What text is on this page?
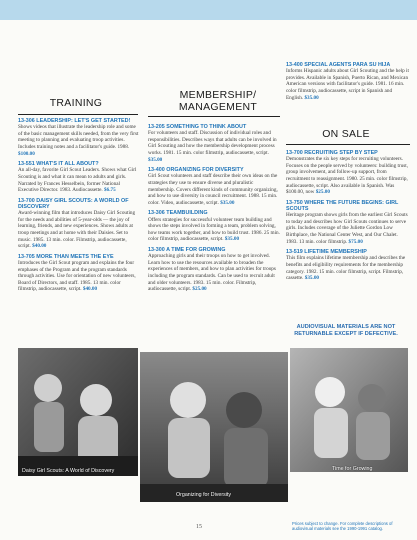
TRAINING
MEMBERSHIP/
MANAGEMENT
ON SALE
13-306 LEADERSHIP: LET'S GET STARTED!

Shows videos that illustrate the leadership role and some of the basic management skills needed, from the very first meeting to planning and evaluating troop activities. Includes training notes and a facilitator's guide. 1988. $100.00

13-551 WHAT'S IT ALL ABOUT?

An all-day, favorite Girl Scout Leaders. Shows what Girl Scouting is and what it can mean to adults and girls. Narrated by Frances Hesselbein, former National Executive Director. 1983. Audiocassette. $6.75

13-700 DAISY GIRL SCOUTS: A WORLD OF DISCOVERY

Award-winning film that introduces Daisy Girl Scouting for the needs and abilities of 5-year-olds — the joy of learning, friends, and new experiences. Shows adults at troop meetings and at home with their Daisies. Set to music. 1985. 13 min. color. Filmstrip, audiocassette, script. $40.00

13-705 MORE THAN MEETS THE EYE

Introduces the Girl Scout program and explains the four emphases of the Program and the program standards through activities. Use for orientation of new volunteers, Board of Directors, and staff. 1985. 13 min. color filmstrip, audiocassette, script. $40.00

13-205 SOMETHING TO THINK ABOUT

For volunteers and staff. Discussion of individual roles and responsibilities. Describes ways that adults can be involved in Girl Scouting and how the membership development process works. 1981. 15 min. color filmstrip, audiocassette, script. $35.00

13-400 ORGANIZING FOR DIVERSITY

Girl Scout volunteers and staff describe their own ideas on the strategies they use to ensure diverse and pluralistic membership. Covers different kinds of community organizing, and how to use diversity in council recruitment. 1988. 15 min. color. Video, audiocassette, script. $35.00

13-306 TEAMBUILDING

Offers strategies for successful volunteer team building and shows the steps involved in forming a team, problem solving, how teams work together, and how to build trust. 1986. 25 min. color filmstrip, audiocassette, script. $35.00

13-300 A TIME FOR GROWING

Approaching girls and their troops on how to get involved. Learn how to use the resources available to broaden the experiences of members, and how to plan activities for troops including the program standards. Can be used to recruit adult and older volunteers. 1983. 15 min. color. Filmstrip, audiocassette, script. $25.00

13-400 SPECIAL AGENTS PARA SU HIJA

Informs Hispanic adults about Girl Scouting and the help it provides. Available in Spanish, Puerto Rican, and Mexican American versions with facilitator's guide. 1981. 16 min. color filmstrip, audiocassette, script in Spanish and English. $35.00

13-700 RECRUITING STEP BY STEP

Demonstrates the six key steps for recruiting volunteers. Focuses on the people served by volunteers: building trust, group involvement, and follow-up support, from recruitment to reassignment. 1980. 25 min. color filmstrip, audiocassette, script. Also available in Spanish. Was $100.00, now $25.00

13-750 WHERE THE FUTURE BEGINS: GIRL SCOUTS

Heritage program shows girls from the earliest Girl Scouts to today and describes how Girl Scouts continues to serve girls. Includes coverage of the Juliette Gordon Low Birthplace, the National Center West, and Our Chalet. 1983. 13 min. color filmstrip. $75.00

13-519 LIFETIME MEMBERSHIP

This film explains lifetime membership and describes the benefits and eligibility requirements for the membership category. 1982. 15 min. color filmstrip, script. Filmstrip, cassette. $35.00

AUDIOVISUAL MATERIALS ARE NOT RETURNABLE EXCEPT IF DEFECTIVE.
Daisy Girl Scouts: A World of Discovery
Organizing for Diversity
Time for Growing
15
Prices subject to change. For complete descriptions of audiovisual materials see the 1990-1991 catalog.
